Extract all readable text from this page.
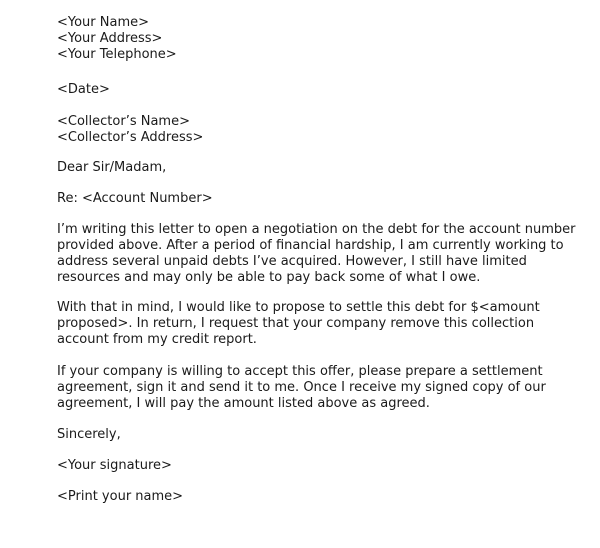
<Your Name>
<Your Address>
<Your Telephone>
<Date>
<Collector’s Name>
<Collector’s Address>
Dear Sir/Madam,
Re: <Account Number>
I’m writing this letter to open a negotiation on the debt for the account number
provided above. After a period of financial hardship, I am currently working to
address several unpaid debts I’ve acquired. However, I still have limited
resources and may only be able to pay back some of what I owe.
With that in mind, I would like to propose to settle this debt for $<amount
proposed>. In return, I request that your company remove this collection
account from my credit report.
If your company is willing to accept this offer, please prepare a settlement
agreement, sign it and send it to me. Once I receive my signed copy of our
agreement, I will pay the amount listed above as agreed.
Sincerely,
<Your signature>
<Print your name>
